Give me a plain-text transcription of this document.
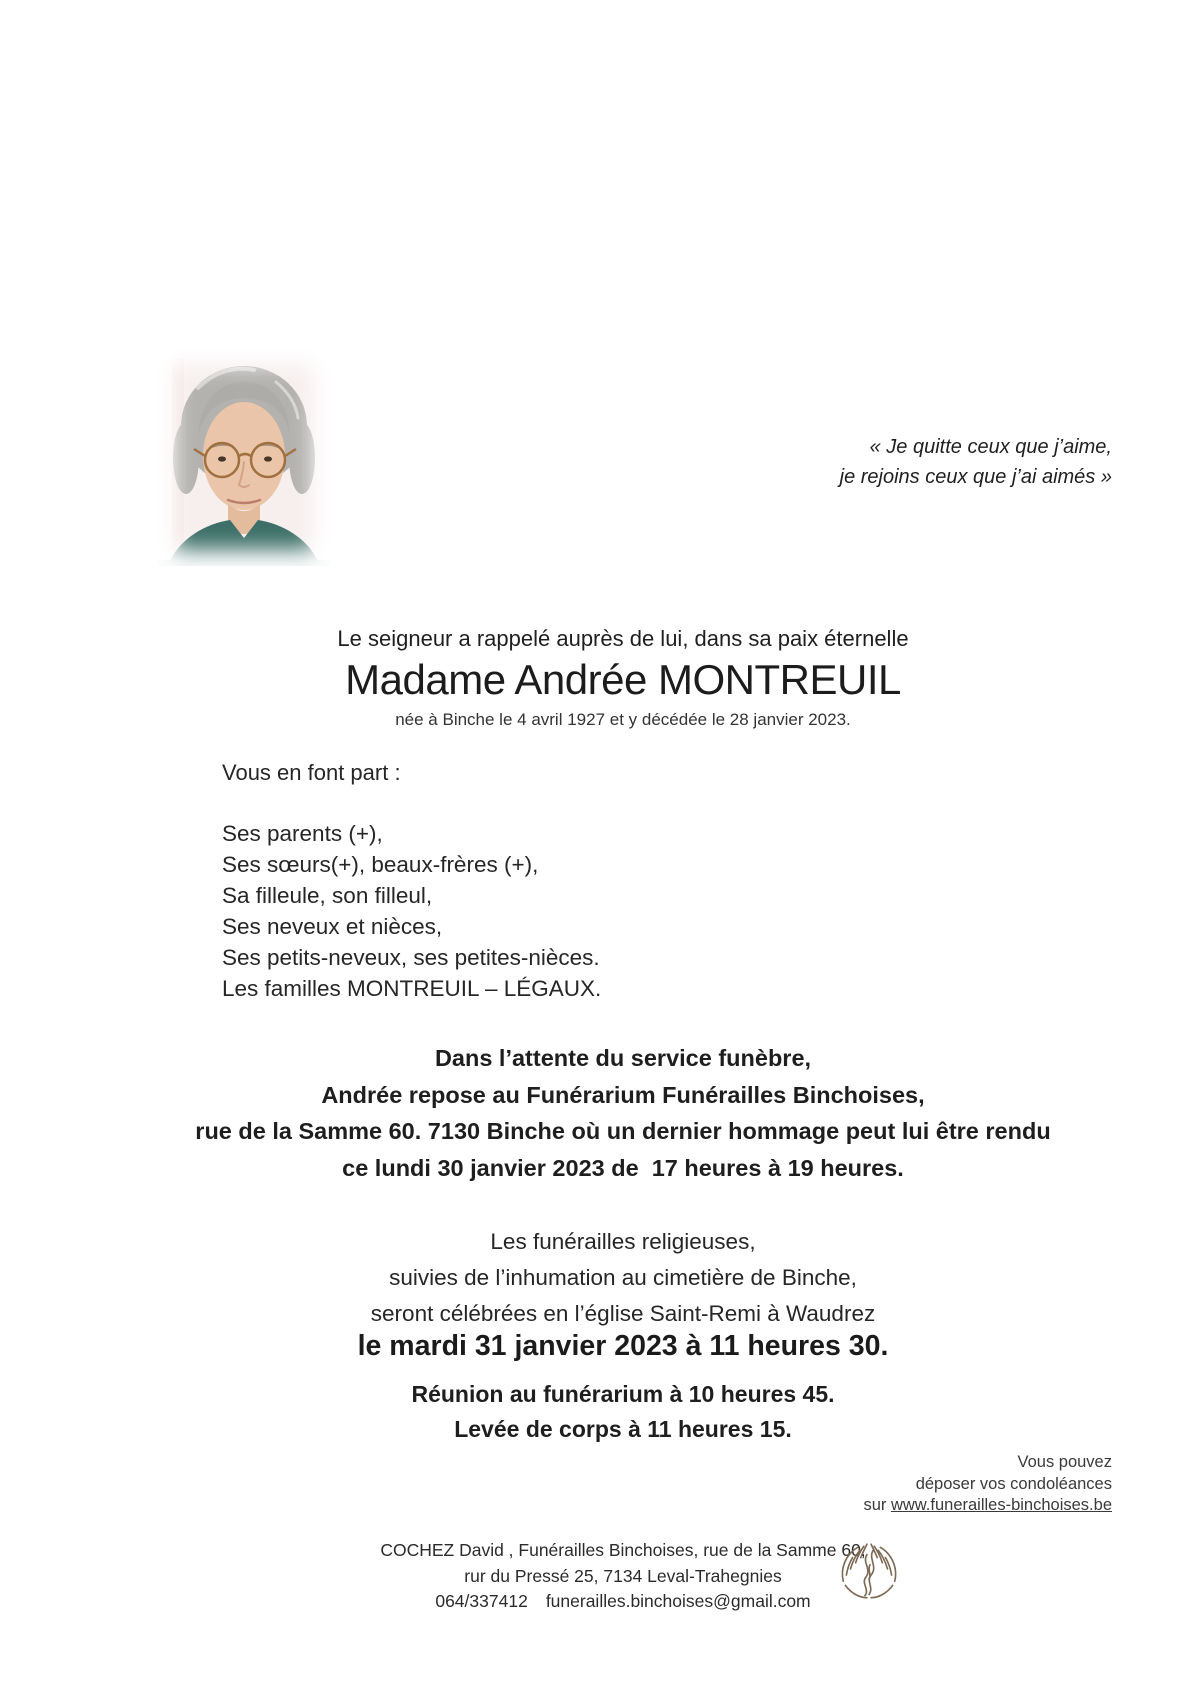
« Je quitte ceux que j’aime,
je rejoins ceux que j’ai aimés »
Le seigneur a rappelé auprès de lui, dans sa paix éternelle
Madame Andrée MONTREUIL
née à Binche le 4 avril 1927 et y décédée le 28 janvier 2023.
Vous en font part :
Ses parents (+),
Ses sœurs(+), beaux-frères (+),
Sa filleule, son filleul,
Ses neveux et nièces,
Ses petits-neveux, ses petites-nièces.
Les familles MONTREUIL – LÉGAUX.
Dans l’attente du service funèbre,
Andrée repose au Funérarium Funérailles Binchoises,
rue de la Samme 60. 7130 Binche où un dernier hommage peut lui être rendu
ce lundi 30 janvier 2023 de  17 heures à 19 heures.
Les funérailles religieuses,
suivies de l’inhumation au cimetière de Binche,
seront célébrées en l’église Saint-Remi à Waudrez
le mardi 31 janvier 2023 à 11 heures 30.
Réunion au funérarium à 10 heures 45.
Levée de corps à 11 heures 15.
Vous pouvez
déposer vos condoléances
sur www.funerailles-binchoises.be
COCHEZ David , Funérailles Binchoises, rue de la Samme 60,
rur du Pressé 25, 7134 Leval-Trahegnies
064/337412 funerailles.binchoises@gmail.com
